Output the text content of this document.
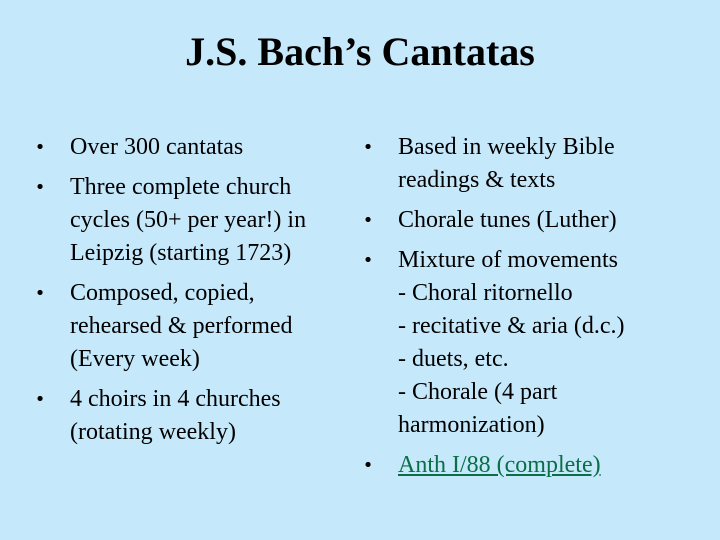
J.S. Bach’s Cantatas
• Over 300 cantatas
• Three complete church
cycles (50+ per year!) in
Leipzig (starting 1723)
• Composed, copied,
rehearsed & performed
(Every week)
• 4 choirs in 4 churches
(rotating weekly)
• Based in weekly Bible
readings & texts
• Chorale tunes (Luther)
• Mixture of movements
- Choral ritornello
- recitative & aria (d.c.)
- duets, etc.
- Chorale (4 part
harmonization)
• Anth I/88 (complete)
